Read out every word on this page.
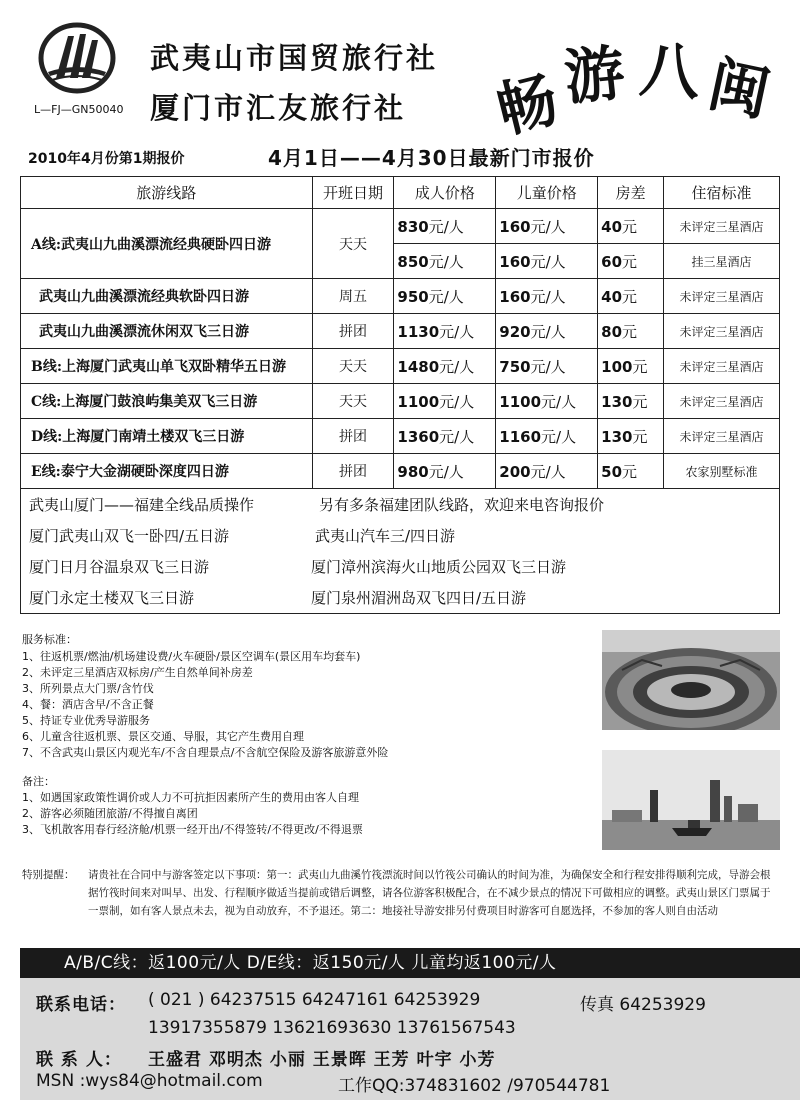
L—FJ—GN50040
武夷山市国贸旅行社
厦门市汇友旅行社 畅
游 八 闽
2010年4月份第1期报价	4月1日——4月30日最新门市报价
旅游线路	开班日期	成人价格	儿童价格	房差	住宿标准
A线:武夷山九曲溪漂流经典硬卧四日游	天天	830元/人	160元/人	40元	未评定三星酒店
		850元/人	160元/人	60元	挂三星酒店
武夷山九曲溪漂流经典软卧四日游	周五	950元/人	160元/人	40元	未评定三星酒店
武夷山九曲溪漂流休闲双飞三日游	拼团	1130元/人	920元/人	80元	未评定三星酒店
B线:上海厦门武夷山单飞双卧精华五日游	天天	1480元/人	750元/人	100元	未评定三星酒店
C线:上海厦门鼓浪屿集美双飞三日游	天天	1100元/人	1100元/人	130元	未评定三星酒店
D线:上海厦门南靖土楼双飞三日游	拼团	1360元/人	1160元/人	130元	未评定三星酒店
E线:泰宁大金湖硬卧深度四日游	拼团	980元/人	200元/人	50元	农家别墅标准
武夷山厦门——福建全线品质操作	另有多条福建团队线路，欢迎来电咨询报价
厦门武夷山双飞一卧四/五日游	武夷山汽车三/四日游
厦门日月谷温泉双飞三日游	厦门漳州滨海火山地质公园双飞三日游
厦门永定土楼双飞三日游	厦门泉州湄洲岛双飞四日/五日游
服务标准：
1、往返机票/燃油/机场建设费/火车硬卧/景区空调车(景区用车均套车)
2、未评定三星酒店双标房/产生自然单间补房差
3、所列景点大门票/含竹伐
4、餐：酒店含早/不含正餐
5、持证专业优秀导游服务
6、儿童含往返机票、景区交通、导服，其它产生费用自理
7、不含武夷山景区内观光车/不含自理景点/不含航空保险及游客旅游意外险
备注：
1、如遇国家政策性调价或人力不可抗拒因素所产生的费用由客人自理
2、游客必须随团旅游/不得擅自离团
3、飞机散客用春行经济舱/机票一经开出/不得签转/不得更改/不得退票
特别提醒： 请贵社在合同中与游客签定以下事项：第一：武夷山九曲溪竹筏漂流时间以竹筏公司确认的时间为准，为确保安全和行程安排得顺利完成，导游会根据竹筏时间来对叫早、出发、行程顺序做适当提前或错后调整，请各位游客积极配合，在不减少景点的情况下可做相应的调整。武夷山景区门票属于一票制，如有客人景点未去，视为自动放弃，不予退还。第二：地接社导游安排另付费项目时游客可自愿选择，不参加的客人则自由活动
A/B/C线：返100元/人 D/E线：返150元/人 儿童均返100元/人
联系电话： ( 021 ) 64237515 64247161 64253929	传真 64253929
13917355879 13621693630 13761567543
联 系 人： 王盛君 邓明杰 小丽 王景晖 王芳 叶宇 小芳
MSN :wys84@hotmail.com	工作QQ:374831602 /970544781
